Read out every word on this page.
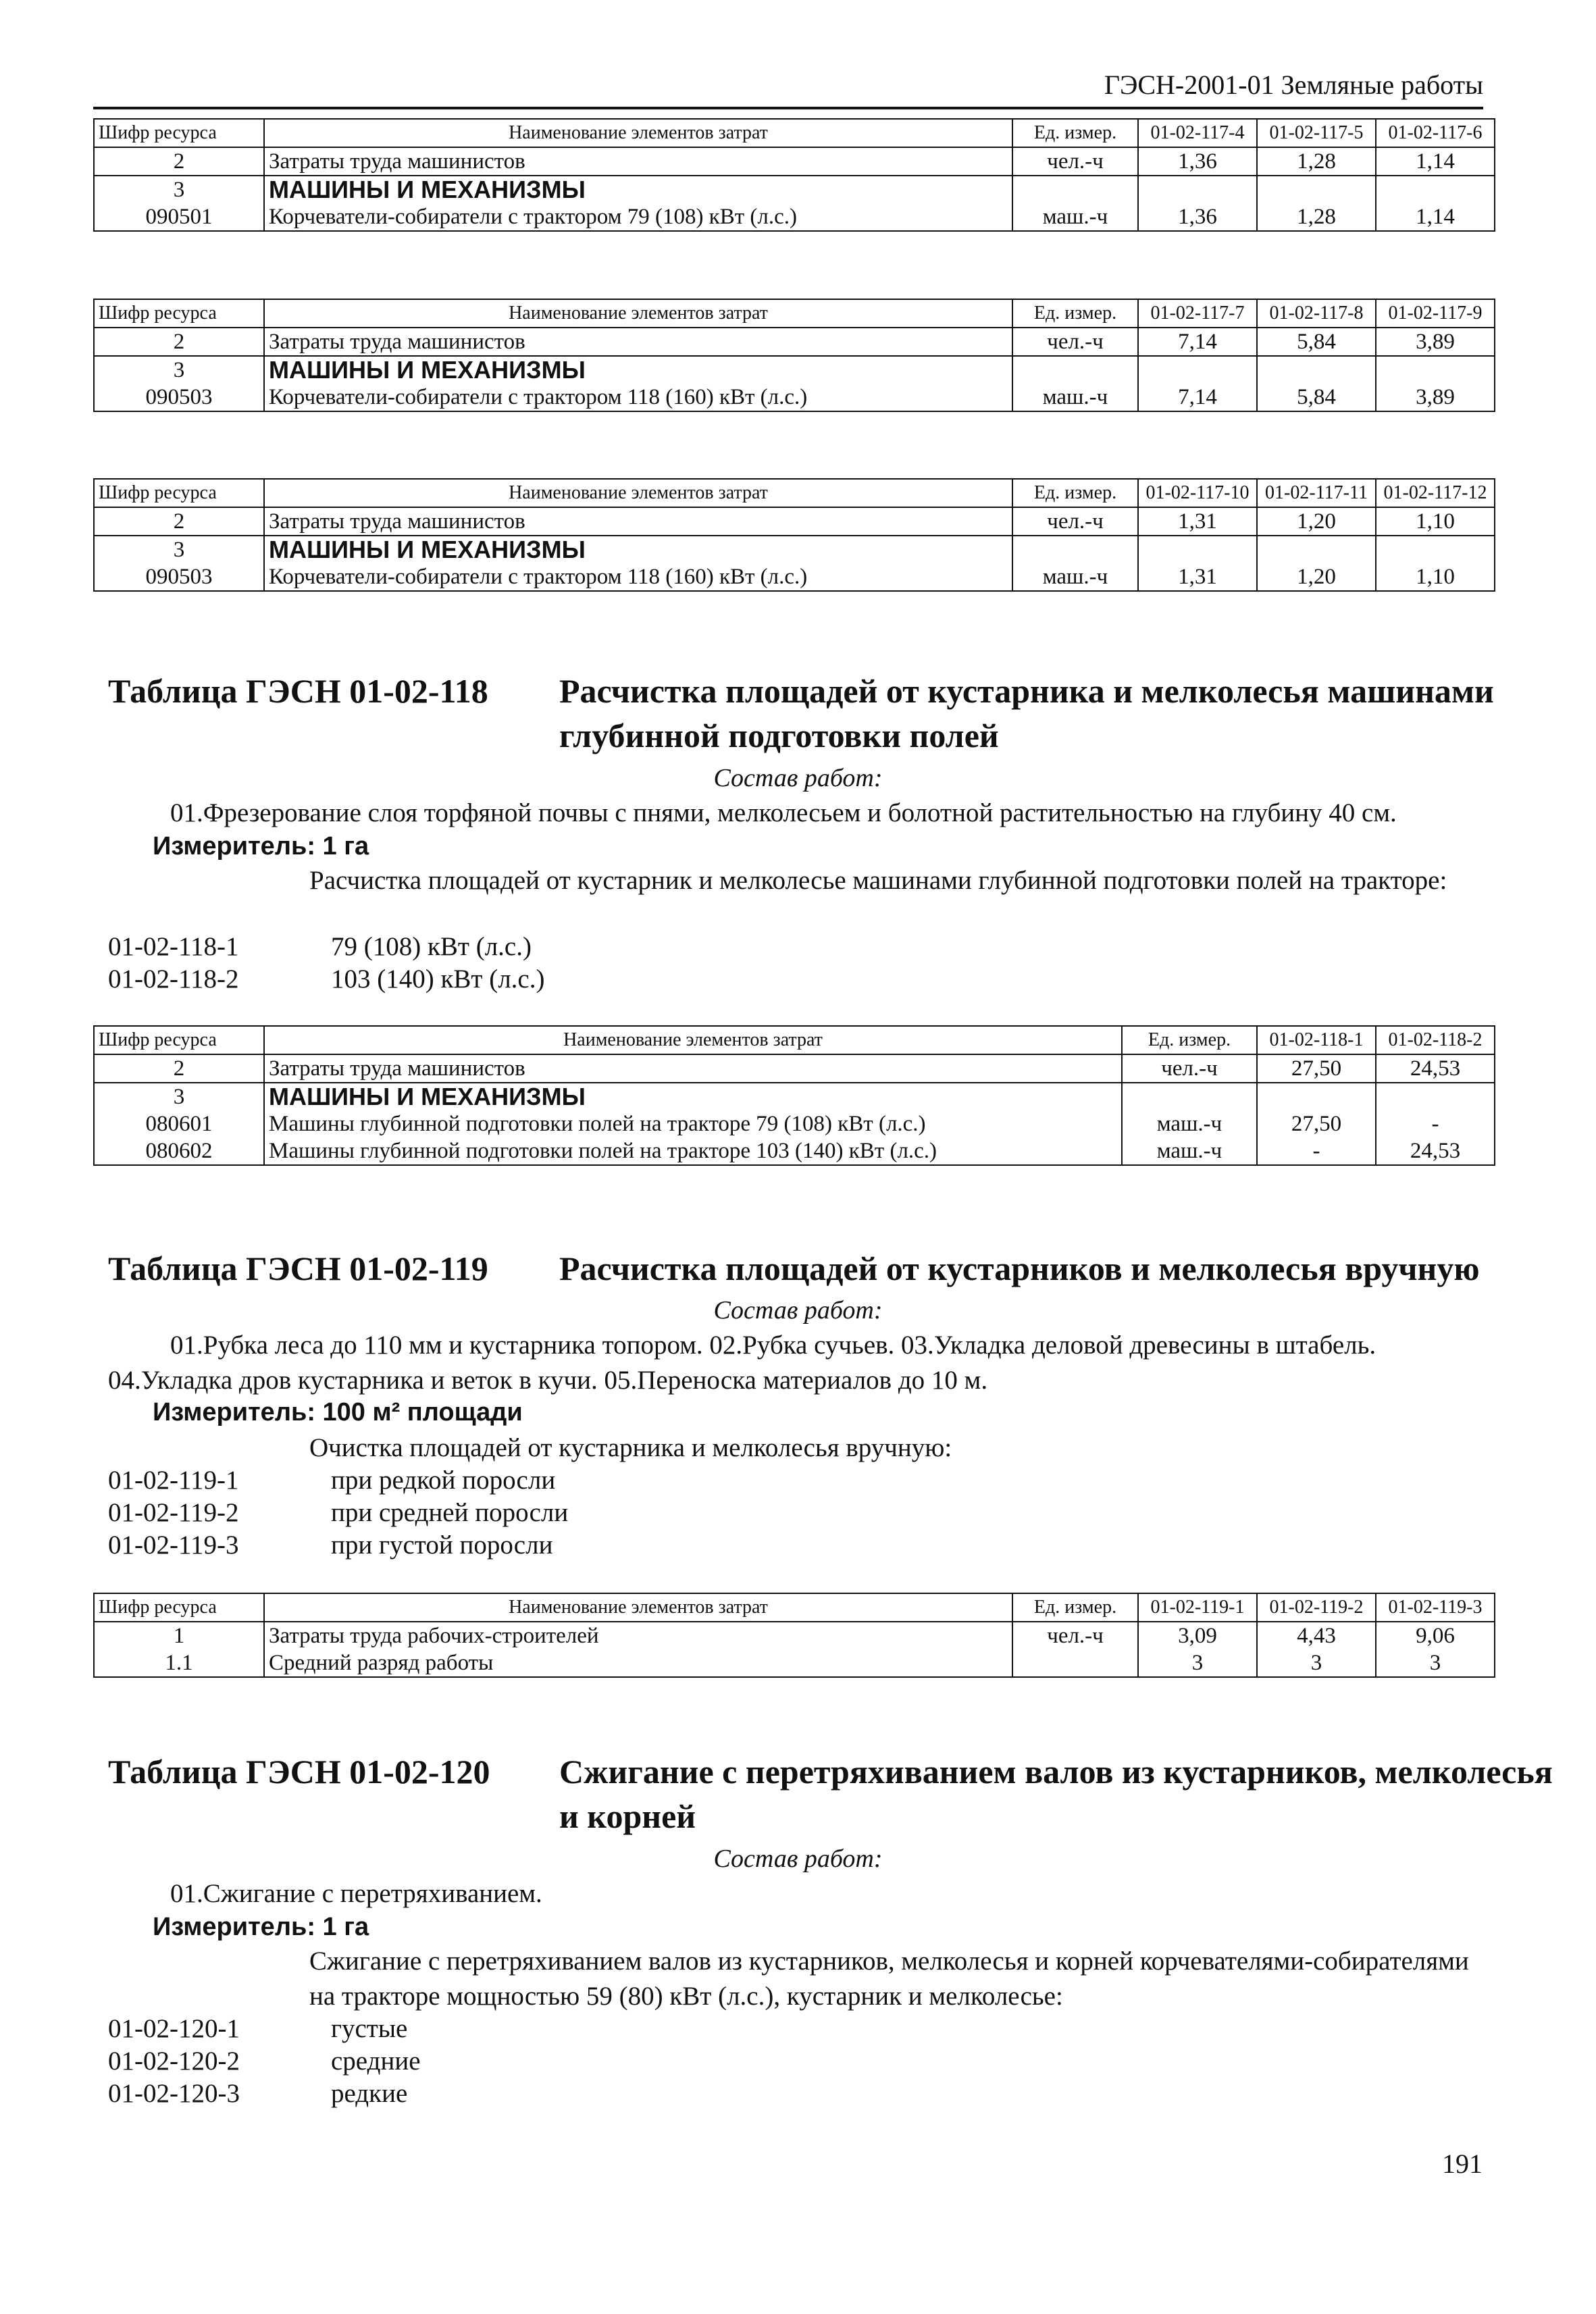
ГЭСН-2001-01 Земляные работы
Шифр ресурса	Наименование элементов затрат	Ед. измер.	01-02-117-4	01-02-117-5	01-02-117-6
2	Затраты труда машинистов	чел.-ч	1,36	1,28	1,14
3	МАШИНЫ И МЕХАНИЗМЫ				
090501	Корчеватели-собиратели с трактором 79 (108) кВт (л.с.)	маш.-ч	1,36	1,28	1,14
Шифр ресурса	Наименование элементов затрат	Ед. измер.	01-02-117-7	01-02-117-8	01-02-117-9
2	Затраты труда машинистов	чел.-ч	7,14	5,84	3,89
3	МАШИНЫ И МЕХАНИЗМЫ				
090503	Корчеватели-собиратели с трактором 118 (160) кВт (л.с.)	маш.-ч	7,14	5,84	3,89
Шифр ресурса	Наименование элементов затрат	Ед. измер.	01-02-117-10	01-02-117-11	01-02-117-12
2	Затраты труда машинистов	чел.-ч	1,31	1,20	1,10
3	МАШИНЫ И МЕХАНИЗМЫ				
090503	Корчеватели-собиратели с трактором 118 (160) кВт (л.с.)	маш.-ч	1,31	1,20	1,10
Таблица ГЭСН 01-02-118 Расчистка площадей от кустарника и мелколесья машинами глубинной подготовки полей
Состав работ:
01.Фрезерование слоя торфяной почвы с пнями, мелколесьем и болотной растительностью на глубину 40 см.
Измеритель: 1 га
Расчистка площадей от кустарник и мелколесье машинами глубинной подготовки полей на тракторе:
01-02-118-1	79 (108) кВт (л.с.)
01-02-118-2	103 (140) кВт (л.с.)
Шифр ресурса	Наименование элементов затрат	Ед. измер.	01-02-118-1	01-02-118-2
2	Затраты труда машинистов	чел.-ч	27,50	24,53
3	МАШИНЫ И МЕХАНИЗМЫ			
080601	Машины глубинной подготовки полей на тракторе 79 (108) кВт (л.с.)	маш.-ч	27,50	-
080602	Машины глубинной подготовки полей на тракторе 103 (140) кВт (л.с.)	маш.-ч	-	24,53
Таблица ГЭСН 01-02-119 Расчистка площадей от кустарников и мелколесья вручную
Состав работ:
01.Рубка леса до 110 мм и кустарника топором. 02.Рубка сучьев. 03.Укладка деловой древесины в штабель. 04.Укладка дров кустарника и веток в кучи. 05.Переноска материалов до 10 м.
Измеритель: 100 м² площади
Очистка площадей от кустарника и мелколесья вручную:
01-02-119-1	при редкой поросли
01-02-119-2	при средней поросли
01-02-119-3	при густой поросли
Шифр ресурса	Наименование элементов затрат	Ед. измер.	01-02-119-1	01-02-119-2	01-02-119-3
1	Затраты труда рабочих-строителей	чел.-ч	3,09	4,43	9,06
1.1	Средний разряд работы		3	3	3
Таблица ГЭСН 01-02-120 Сжигание с перетряхиванием валов из кустарников, мелколесья и корней
Состав работ:
01.Сжигание с перетряхиванием.
Измеритель: 1 га
Сжигание с перетряхиванием валов из кустарников, мелколесья и корней корчевателями-собирателями на тракторе мощностью 59 (80) кВт (л.с.), кустарник и мелколесье:
01-02-120-1	густые
01-02-120-2	средние
01-02-120-3	редкие
191
